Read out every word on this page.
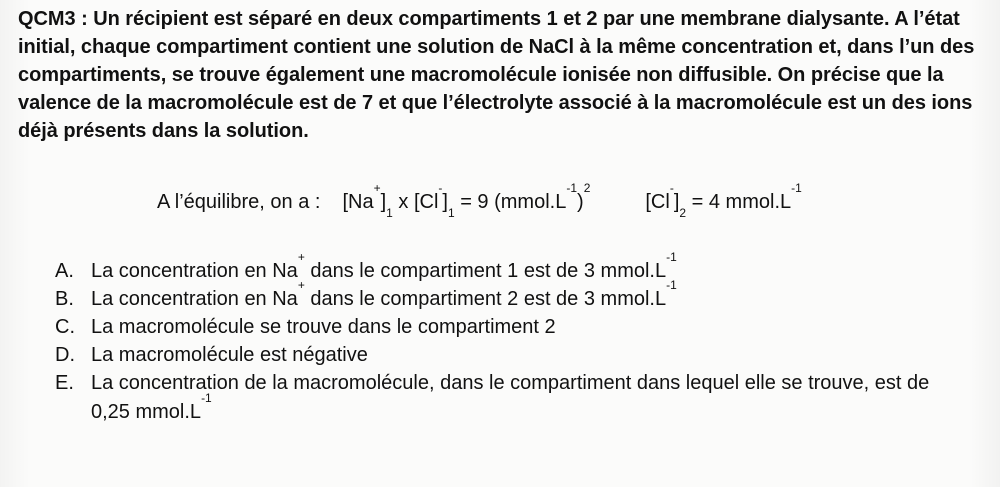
QCM3 : Un récipient est séparé en deux compartiments 1 et 2 par une membrane dialysante. A l’état initial, chaque compartiment contient une solution de NaCl à la même concentration et, dans l’un des compartiments, se trouve également une macromolécule ionisée non diffusible. On précise que la valence de la macromolécule est de 7 et que l’électrolyte associé à la macromolécule est un des ions déjà présents dans la solution.
A l’équilibre, on a : $[Na^+]_1$ x $[Cl^-]_1 = 9$ $(mmol.L^{-1})^2[Cl^-]_2 = 4$ $mmol.L^{-1}$
A. La concentration en Na+ dans le compartiment 1 est de 3 $mmol.L^{-1}$
B. La concentration en Na+ dans le compartiment 2 est de 3 $mmol.L^{-1}$
C. La macromolécule se trouve dans le compartiment 2
D. La macromolécule est négative
E. La concentration de la macromolécule, dans le compartiment dans lequel elle se trouve, est de 0,25 $mmol.L^{-1}$
